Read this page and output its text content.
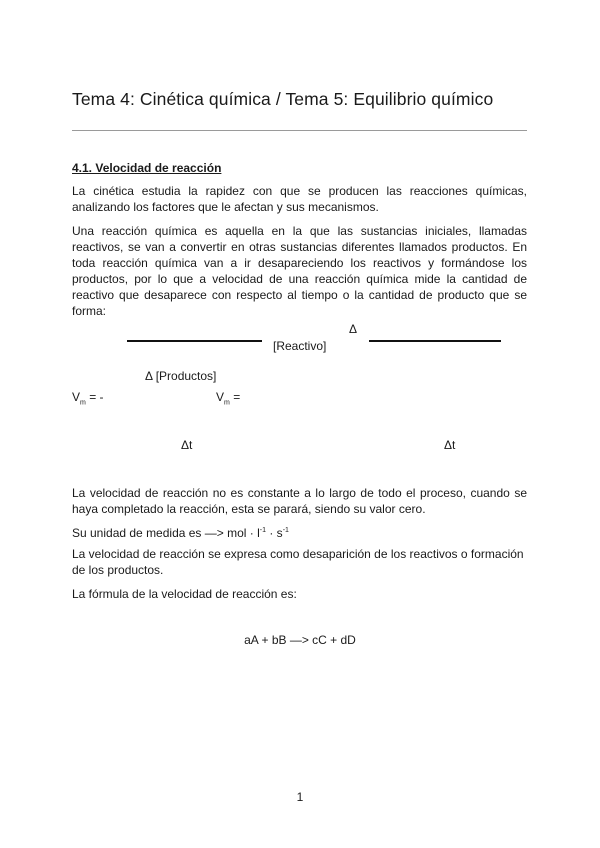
Tema 4: Cinética química / Tema 5: Equilibrio químico
4.1. Velocidad de reacción
La cinética estudia la rapidez con que se producen las reacciones químicas, analizando los factores que le afectan y sus mecanismos.
Una reacción química es aquella en la que las sustancias iniciales, llamadas reactivos, se van a convertir en otras sustancias diferentes llamados productos. En toda reacción química van a ir desapareciendo los reactivos y formándose los productos, por lo que a velocidad de una reacción química mide la cantidad de reactivo que desaparece con respecto al tiempo o la cantidad de producto que se forma:
Δ
[Reactivo]
Δ [Productos]
$V_m$ = -	$V_m$ =
Δt	Δt
La velocidad de reacción no es constante a lo largo de todo el proceso, cuando se haya completado la reacción, esta se parará, siendo su valor cero.
Su unidad de medida es —> mol · $l^{-1} \cdot s^{-1}$
La velocidad de reacción se expresa como desaparición de los reactivos o formación de los productos.
La fórmula de la velocidad de reacción es:
aA + bB —> cC + dD
1
